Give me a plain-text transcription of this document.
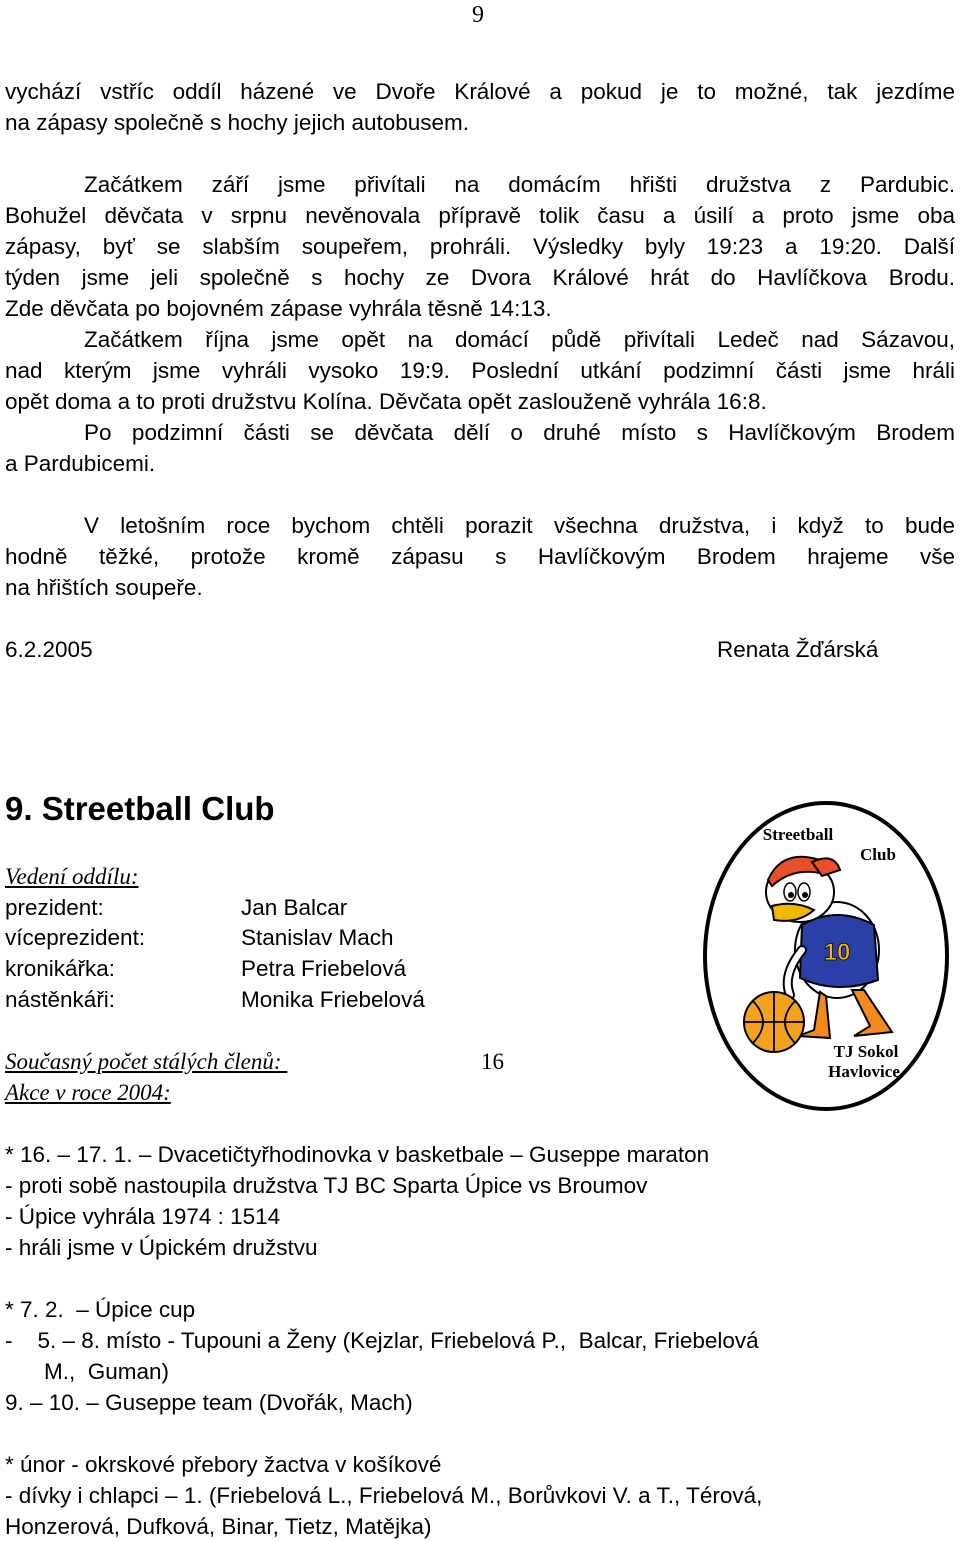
9
vychází vstříc oddíl házené ve Dvoře Králové a pokud je to možné, tak jezdíme
na zápasy společně s hochy jejich autobusem.
Začátkem září jsme přivítali na domácím hřišti družstva z Pardubic.
Bohužel děvčata v srpnu nevěnovala přípravě tolik času a úsilí a proto jsme oba
zápasy, byť se slabším soupeřem, prohráli. Výsledky byly 19:23 a 19:20. Další
týden jsme jeli společně s hochy ze Dvora Králové hrát do Havlíčkova Brodu.
Zde děvčata po bojovném zápase vyhrála těsně 14:13.
Začátkem října jsme opět na domácí půdě přivítali Ledeč nad Sázavou,
nad kterým jsme vyhráli vysoko 19:9. Poslední utkání podzimní části jsme hráli
opět doma a to proti družstvu Kolína. Děvčata opět zaslouženě vyhrála 16:8.
Po podzimní části se děvčata dělí o druhé místo s Havlíčkovým Brodem
a Pardubicemi.
V letošním roce bychom chtěli porazit všechna družstva, i když to bude
hodně těžké, protože kromě zápasu s Havlíčkovým Brodem hrajeme vše
na hřištích soupeře.
6.2.2005	Renata Žďárská
9. Streetball Club
Vedení oddílu:
prezident:	Jan Balcar
víceprezident:	Stanislav Mach
kronikářka:	Petra Friebelová
nástěnkáři:	Monika Friebelová
Současný počet stálých členů:	16
Akce v roce 2004:
* 16. – 17. 1. – Dvacetičtyřhodinovka v basketbale – Guseppe maraton
- proti sobě nastoupila družstva TJ BC Sparta Úpice vs Broumov
- Úpice vyhrála 1974 : 1514
- hráli jsme v Úpickém družstvu
* 7. 2.  – Úpice cup
-    5. – 8. místo - Tupouni a Ženy (Kejzlar, Friebelová P.,  Balcar, Friebelová
M.,  Guman)
9. – 10. – Guseppe team (Dvořák, Mach)
* únor - okrskové přebory žactva v košíkové
- dívky i chlapci – 1. (Friebelová L., Friebelová M., Borůvkovi V. a T., Térová,
Honzerová, Dufková, Binar, Tietz, Matějka)
Streetball
Club
10
TJ Sokol
Havlovice
